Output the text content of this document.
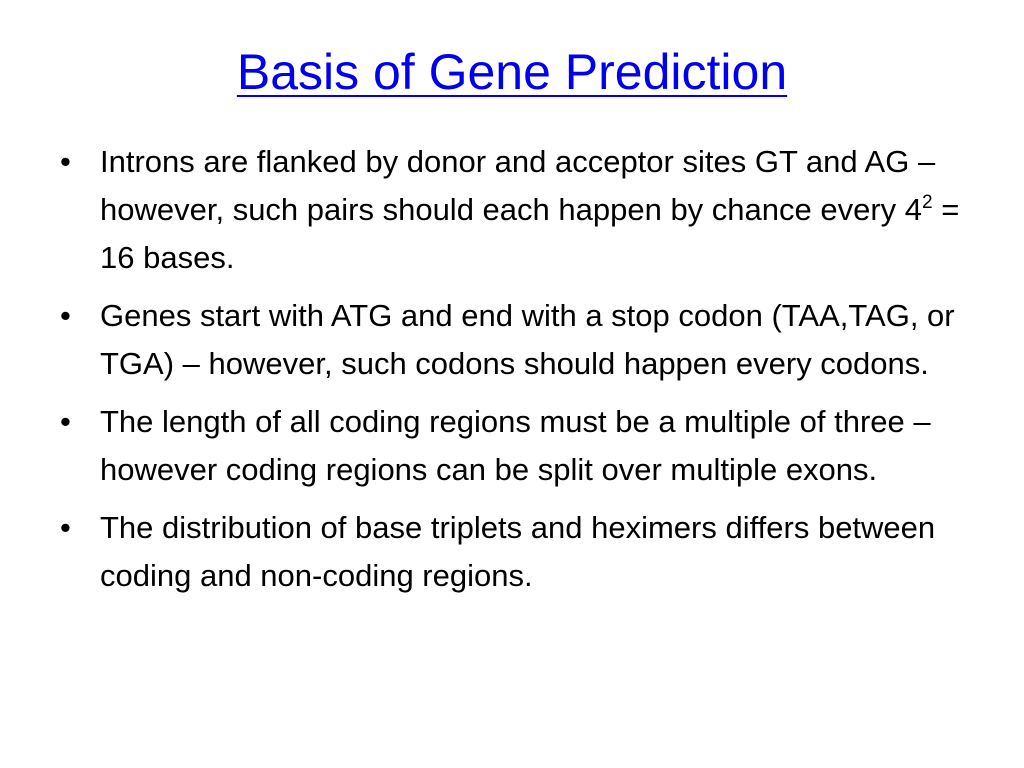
Basis of Gene Prediction
• Introns are flanked by donor and acceptor sites GT and AG – however, such pairs should each happen by chance every $4^2 = 16$ bases.
• Genes start with ATG and end with a stop codon (TAA,TAG, or TGA) – however, such codons should happen every codons.
• The length of all coding regions must be a multiple of three – however coding regions can be split over multiple exons.
• The distribution of base triplets and heximers differs between coding and non-coding regions.
